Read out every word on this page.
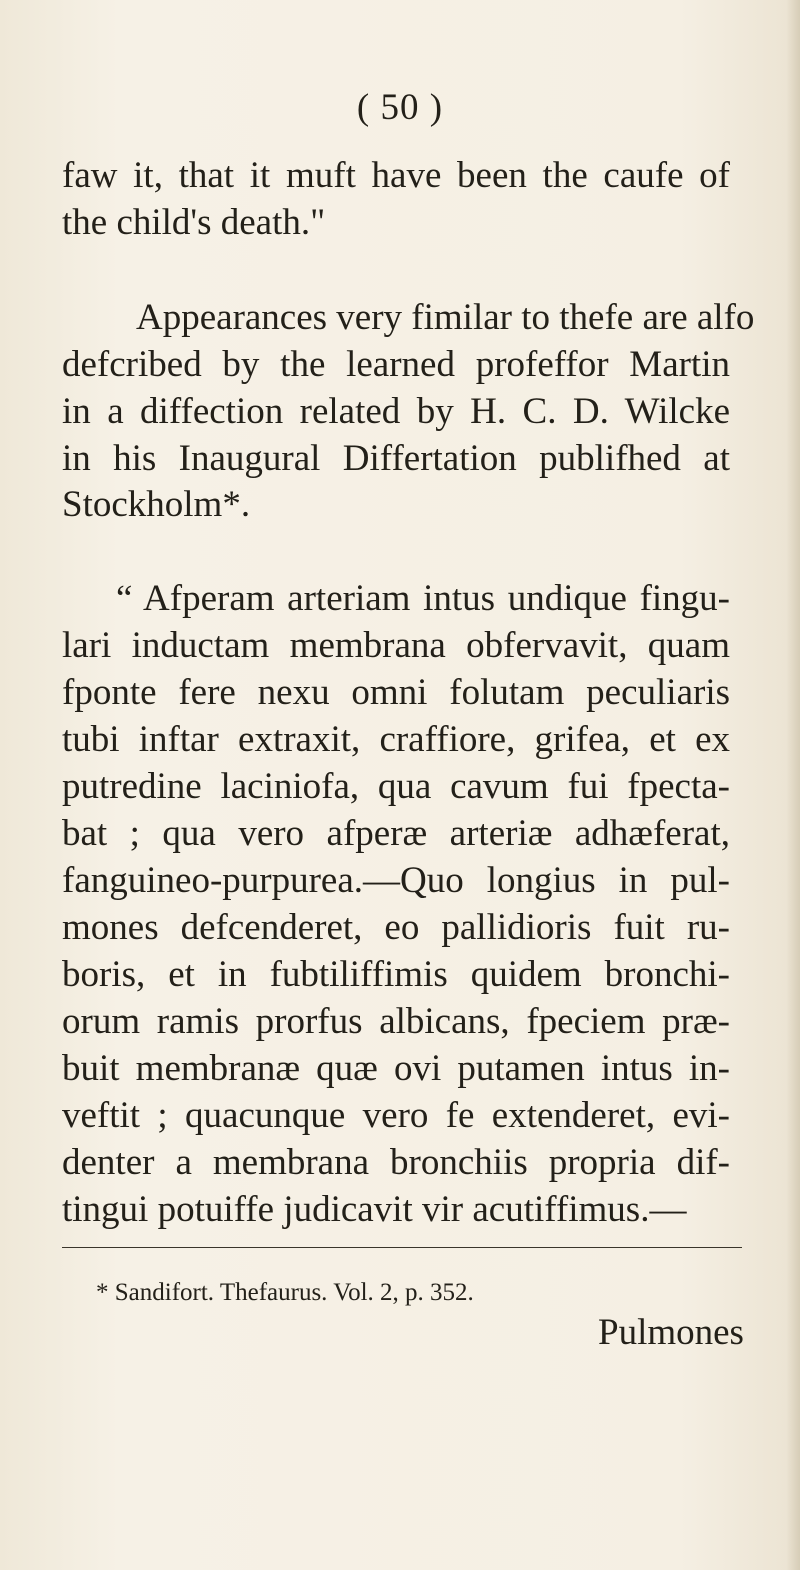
( 50 )
faw it, that it muft have been the caufe of
the child's death."
Appearances very fimilar to thefe are alfo
defcribed by the learned profeffor Martin
in a diffection related by H. C. D. Wilcke
in his Inaugural Differtation publifhed at
Stockholm*.
“ Afperam arteriam intus undique fingu-
lari inductam membrana obfervavit, quam
fponte fere nexu omni folutam peculiaris
tubi inftar extraxit, craffiore, grifea, et ex
putredine laciniofa, qua cavum fui fpecta-
bat ; qua vero afperæ arteriæ adhæferat,
fanguineo-purpurea.—Quo longius in pul-
mones defcenderet, eo pallidioris fuit ru-
boris, et in fubtiliffimis quidem bronchi-
orum ramis prorfus albicans, fpeciem præ-
buit membranæ quæ ovi putamen intus in-
veftit ; quacunque vero fe extenderet, evi-
denter a membrana bronchiis propria dif-
tingui potuiffe judicavit vir acutiffimus.—
* Sandifort. Thefaurus. Vol. 2, p. 352.
Pulmones
